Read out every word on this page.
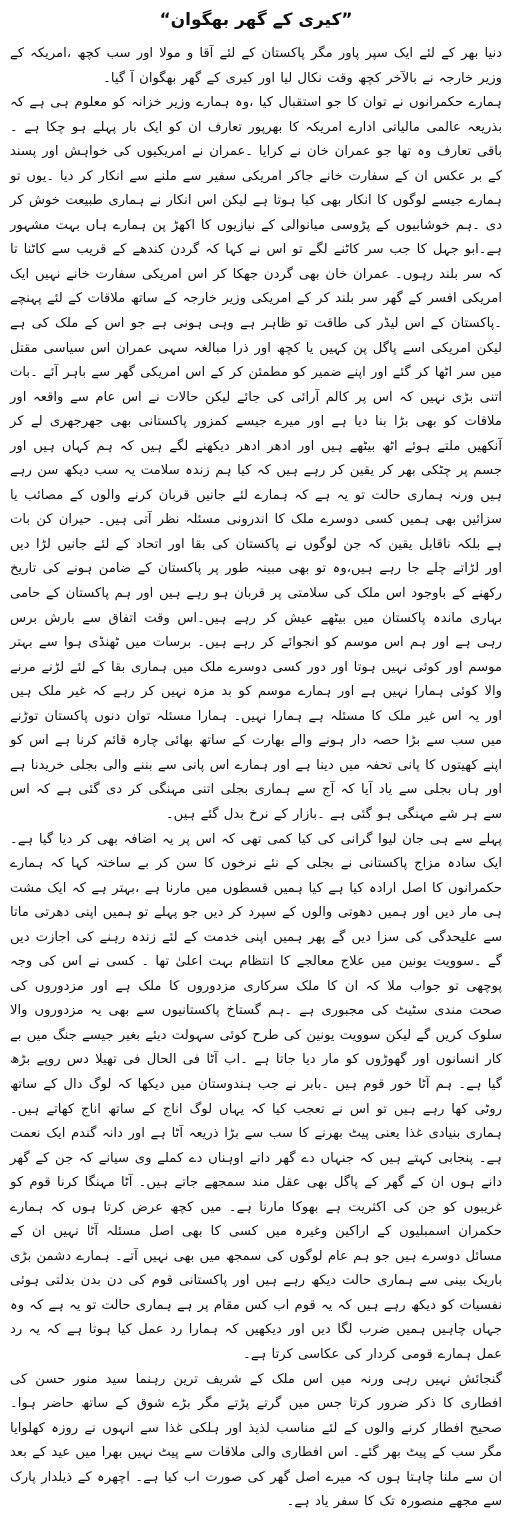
”کیری کے گھر بھگوان“

دنیا بھر کے لئے ایک سپر پاور مگر پاکستان کے لئے آقا و مولا اور سب کچھ ،امریکہ کے وزیر خارجہ نے بالآخر کچھ وقت نکال لیا اور کیری کے گھر بھگوان آ گیا۔

ہمارے حکمرانوں نے توان کا جو استقبال کیا ،وہ ہمارے وزیر خزانہ کو معلوم ہی ہے کہ بذریعہ عالمی مالیاتی ادارے امریکہ کا بھرپور تعارف ان کو ایک بار پہلے ہو چکا ہے ۔باقی تعارف وہ تھا جو عمران خان نے کرایا ۔عمران نے امریکیوں کی خواہش اور پسند کے بر عکس ان کے سفارت خانے جاکر امریکی سفیر سے ملنے سے انکار کر دیا ۔یوں تو ہمارے جیسے لوگوں کا انکار بھی کیا ہوتا ہے لیکن اس انکار نے ہماری طبیعت خوش کر دی ۔ہم خوشابیوں کے پڑوسی میانوالی کے نیازیوں کا اکھڑ پن ہمارے ہاں بہت مشہور ہے۔ابو جہل کا جب سر کاٹنے لگے تو اس نے کہا کہ گردن کندھے کے قریب سے کاٹنا تا کہ سر بلند رہوں۔ عمران خان بھی گردن جھکا کر اس امریکی سفارت خانے نہیں ایک امریکی افسر کے گھر سر بلند کر کے امریکی وزیر خارجہ کے ساتھ ملاقات کے لئے پہنچے ۔پاکستان کے اس لیڈر کی طاقت تو ظاہر ہے وہی ہونی ہے جو اس کے ملک کی ہے لیکن امریکی اسے پاگل پن کہیں یا کچھ اور ذرا مبالغہ سہی عمران اس سیاسی مقتل میں سر اٹھا کر گئے اور اپنے ضمیر کو مطمئن کر کے اس امریکی گھر سے باہر آئے ۔بات اتنی بڑی نہیں کہ اس پر کالم آرائی کی جائے لیکن حالات نے اس عام سے واقعہ اور ملاقات کو بھی بڑا بنا دیا ہے اور میرے جیسے کمزور پاکستانی بھی جھرجھری لے کر آنکھیں ملتے ہوئے اٹھ بیٹھے ہیں اور ادھر ادھر دیکھنے لگے ہیں کہ ہم کہاں ہیں اور جسم پر چٹکی بھر کر یقین کر رہے ہیں کہ کیا ہم زندہ سلامت یہ سب دیکھ سن رہے ہیں ورنہ ہماری حالت تو یہ ہے کہ ہمارے لئے جانیں قربان کرنے والوں کے مصائب یا سزائیں بھی ہمیں کسی دوسرے ملک کا اندرونی مسئلہ نظر آتی ہیں۔ حیران کن بات ہے بلکہ ناقابل یقین کہ جن لوگوں نے پاکستان کی بقا اور اتحاد کے لئے جانیں لڑا دیں اور لڑاتے چلے جا رہے ہیں،وہ تو بھی مبینہ طور پر پاکستان کے ضامن ہونے کی تاریخ رکھنے کے باوجود اس ملک کی سلامتی پر قربان ہو رہے ہیں اور ہم پاکستان کے حامی بہاری ماندہ پاکستان میں بیٹھے عیش کر رہے ہیں۔اس وقت اتفاق سے بارش برس رہی ہے اور ہم اس موسم کو انجوائے کر رہے ہیں۔ برسات میں ٹھنڈی ہوا سے بہتر موسم اور کوئی نہیں ہوتا اور دور کسی دوسرے ملک میں ہماری بقا کے لئے لڑنے مرنے والا کوئی ہمارا نہیں ہے اور ہمارے موسم کو بد مزہ نہیں کر رہے کہ غیر ملک ہیں اور یہ اس غیر ملک کا مسئلہ ہے ہمارا نہیں۔ ہمارا مسئلہ توان دنوں پاکستان توڑنے میں سب سے بڑا حصہ دار ہونے والے بھارت کے ساتھ بھائی چارہ قائم کرنا ہے اس کو اپنے کھیتوں کا پانی تحفہ میں دینا ہے اور ہمارے اس پانی سے بننے والی بجلی خریدنا ہے اور ہاں بجلی سے یاد آیا کہ آج سے ہماری بجلی اتنی مہنگی کر دی گئی ہے کہ اس سے ہر شے مہنگی ہو گئی ہے ۔بازار کے نرخ بدل گئے ہیں۔

پہلے سے ہی جان لیوا گرانی کی کیا کمی تھی کہ اس پر یہ اضافہ بھی کر دیا گیا ہے۔ ایک سادہ مزاج پاکستانی نے بجلی کے نئے نرخوں کا سن کر بے ساختہ کہا کہ ہمارے حکمرانوں کا اصل ارادہ کیا ہے کیا ہمیں قسطوں میں مارنا ہے ،بہتر ہے کہ ایک مشت ہی مار دیں اور ہمیں دھوتی والوں کے سپرد کر دیں جو پہلے تو ہمیں اپنی دھرتی ماتا سے علیحدگی کی سزا دیں گے پھر ہمیں اپنی خدمت کے لئے زندہ رہنے کی اجازت دیں گے ۔سوویت یونین میں علاج معالجے کا انتظام بہت اعلیٰ تھا ۔ کسی نے اس کی وجہ پوچھی تو جواب ملا کہ ان کا ملک سرکاری مزدوروں کا ملک ہے اور مزدوروں کی صحت مندی سٹیٹ کی مجبوری ہے ۔ہم گستاخ پاکستانیوں سے بھی یہ مزدوروں والا سلوک کریں گے لیکن سوویت یونین کی طرح کوئی سہولت دیئے بغیر جیسے جنگ میں بے کار انسانوں اور گھوڑوں کو مار دیا جاتا ہے ۔اب آٹا فی الحال فی تھیلا دس روپے بڑھ گیا ہے۔ ہم آٹا خور قوم ہیں ۔بابر نے جب ہندوستان میں دیکھا کہ لوگ دال کے ساتھ روٹی کھا رہے ہیں تو اس نے تعجب کیا کہ یہاں لوگ اناج کے ساتھ اناج کھاتے ہیں۔ ہماری بنیادی غذا یعنی پیٹ بھرنے کا سب سے بڑا ذریعہ آٹا ہے اور دانہ گندم ایک نعمت ہے۔ پنجابی کہتے ہیں کہ جنہاں دے گھر دانے اوہناں دے کملے وی سیانے کہ جن کے گھر دانے ہوں ان کے گھر کے پاگل بھی عقل مند سمجھے جاتے ہیں۔ آٹا مہنگا کرنا قوم کو غریبوں کو جن کی اکثریت ہے بھوکا مارنا ہے۔ میں کچھ عرض کرتا ہوں کہ ہمارے حکمران اسمبلیوں کے اراکین وغیرہ میں کسی کا بھی اصل مسئلہ آٹا نہیں ان کے مسائل دوسرے ہیں جو ہم عام لوگوں کی سمجھ میں بھی نہیں آتے۔ ہمارے دشمن بڑی باریک بینی سے ہماری حالت دیکھ رہے ہیں اور پاکستانی قوم کی دن بدن بدلتی ہوئی نفسیات کو دیکھ رہے ہیں کہ یہ قوم اب کس مقام پر ہے ہماری حالت تو یہ ہے کہ وہ جہاں چاہیں ہمیں ضرب لگا دیں اور دیکھیں کہ ہمارا رد عمل کیا ہوتا ہے کہ یہ رد عمل ہمارے قومی کردار کی عکاسی کرتا ہے۔

گنجائش نہیں رہی ورنہ میں اس ملک کے شریف ترین رہنما سید منور حسن کی افطاری کا ذکر ضرور کرتا جس میں گرتے پڑتے مگر بڑے شوق کے ساتھ حاضر ہوا۔صحیح افطار کرنے والوں کے لئے مناسب لذیذ اور ہلکی غذا سے انہوں نے روزہ کھلوایا مگر سب کے پیٹ بھر گئے۔ اس افطاری والی ملاقات سے پیٹ نہیں بھرا میں عید کے بعد ان سے ملنا چاہتا ہوں کہ میرے اصل گھر کی صورت اب کیا ہے۔ اچھرہ کے ذیلدار پارک سے مجھے منصورہ تک کا سفر یاد ہے۔
